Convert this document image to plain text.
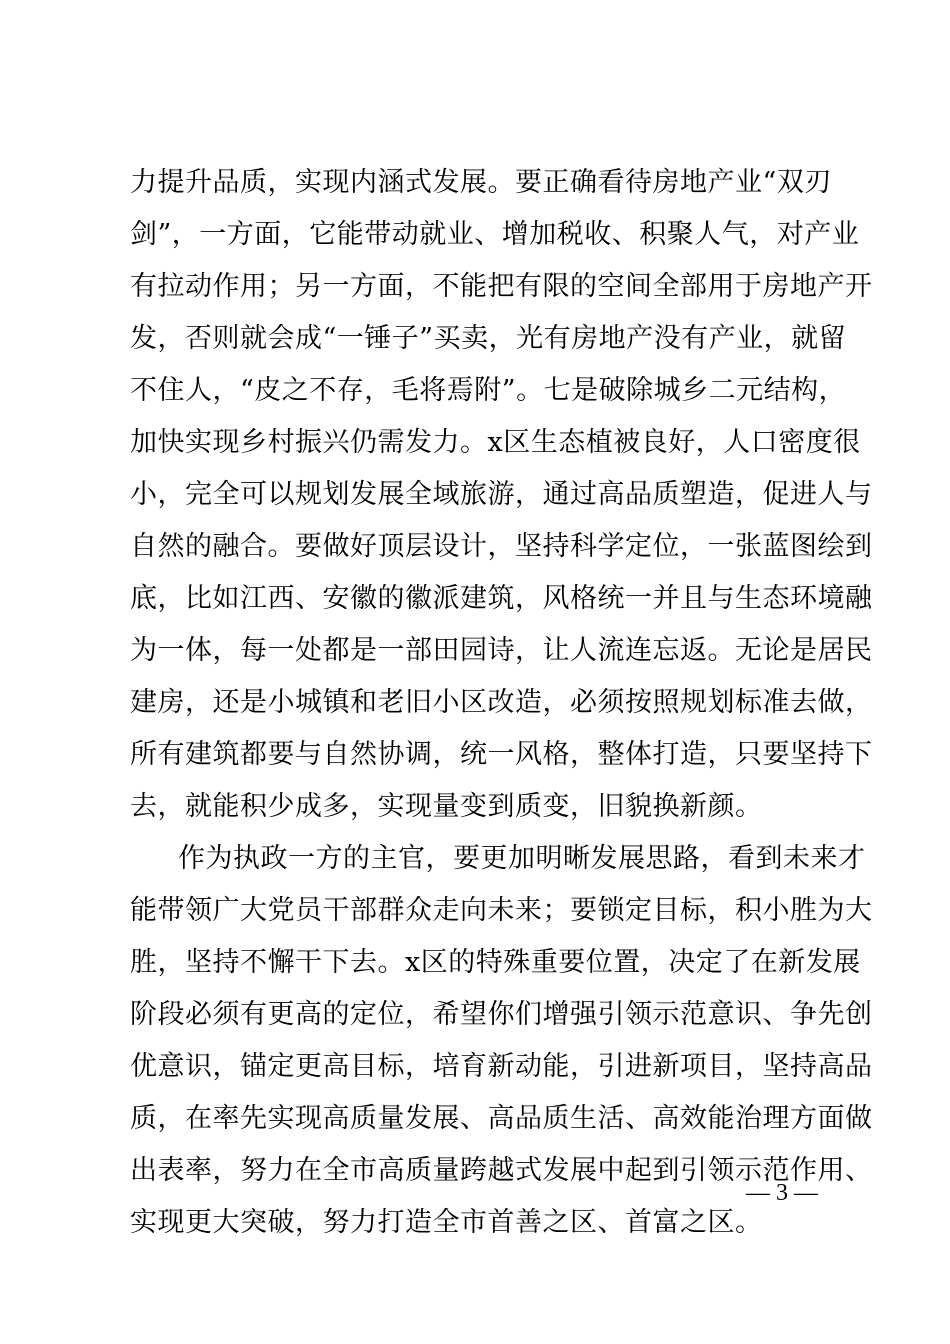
力提升品质，实现内涵式发展。要正确看待房地产业“双刃
剑”，一方面，它能带动就业、增加税收、积聚人气，对产业
有拉动作用；另一方面，不能把有限的空间全部用于房地产开
发，否则就会成“一锤子”买卖，光有房地产没有产业，就留
不住人，“皮之不存，毛将焉附”。七是破除城乡二元结构，
加快实现乡村振兴仍需发力。x区生态植被良好，人口密度很
小，完全可以规划发展全域旅游，通过高品质塑造，促进人与
自然的融合。要做好顶层设计，坚持科学定位，一张蓝图绘到
底，比如江西、安徽的徽派建筑，风格统一并且与生态环境融
为一体，每一处都是一部田园诗，让人流连忘返。无论是居民
建房，还是小城镇和老旧小区改造，必须按照规划标准去做，
所有建筑都要与自然协调，统一风格，整体打造，只要坚持下
去，就能积少成多，实现量变到质变，旧貌换新颜。
作为执政一方的主官，要更加明晰发展思路，看到未来才
能带领广大党员干部群众走向未来；要锁定目标，积小胜为大
胜，坚持不懈干下去。x区的特殊重要位置，决定了在新发展
阶段必须有更高的定位，希望你们增强引领示范意识、争先创
优意识，锚定更高目标，培育新动能，引进新项目，坚持高品
质，在率先实现高质量发展、高品质生活、高效能治理方面做
出表率，努力在全市高质量跨越式发展中起到引领示范作用、
实现更大突破，努力打造全市首善之区、首富之区。
— 3 —
